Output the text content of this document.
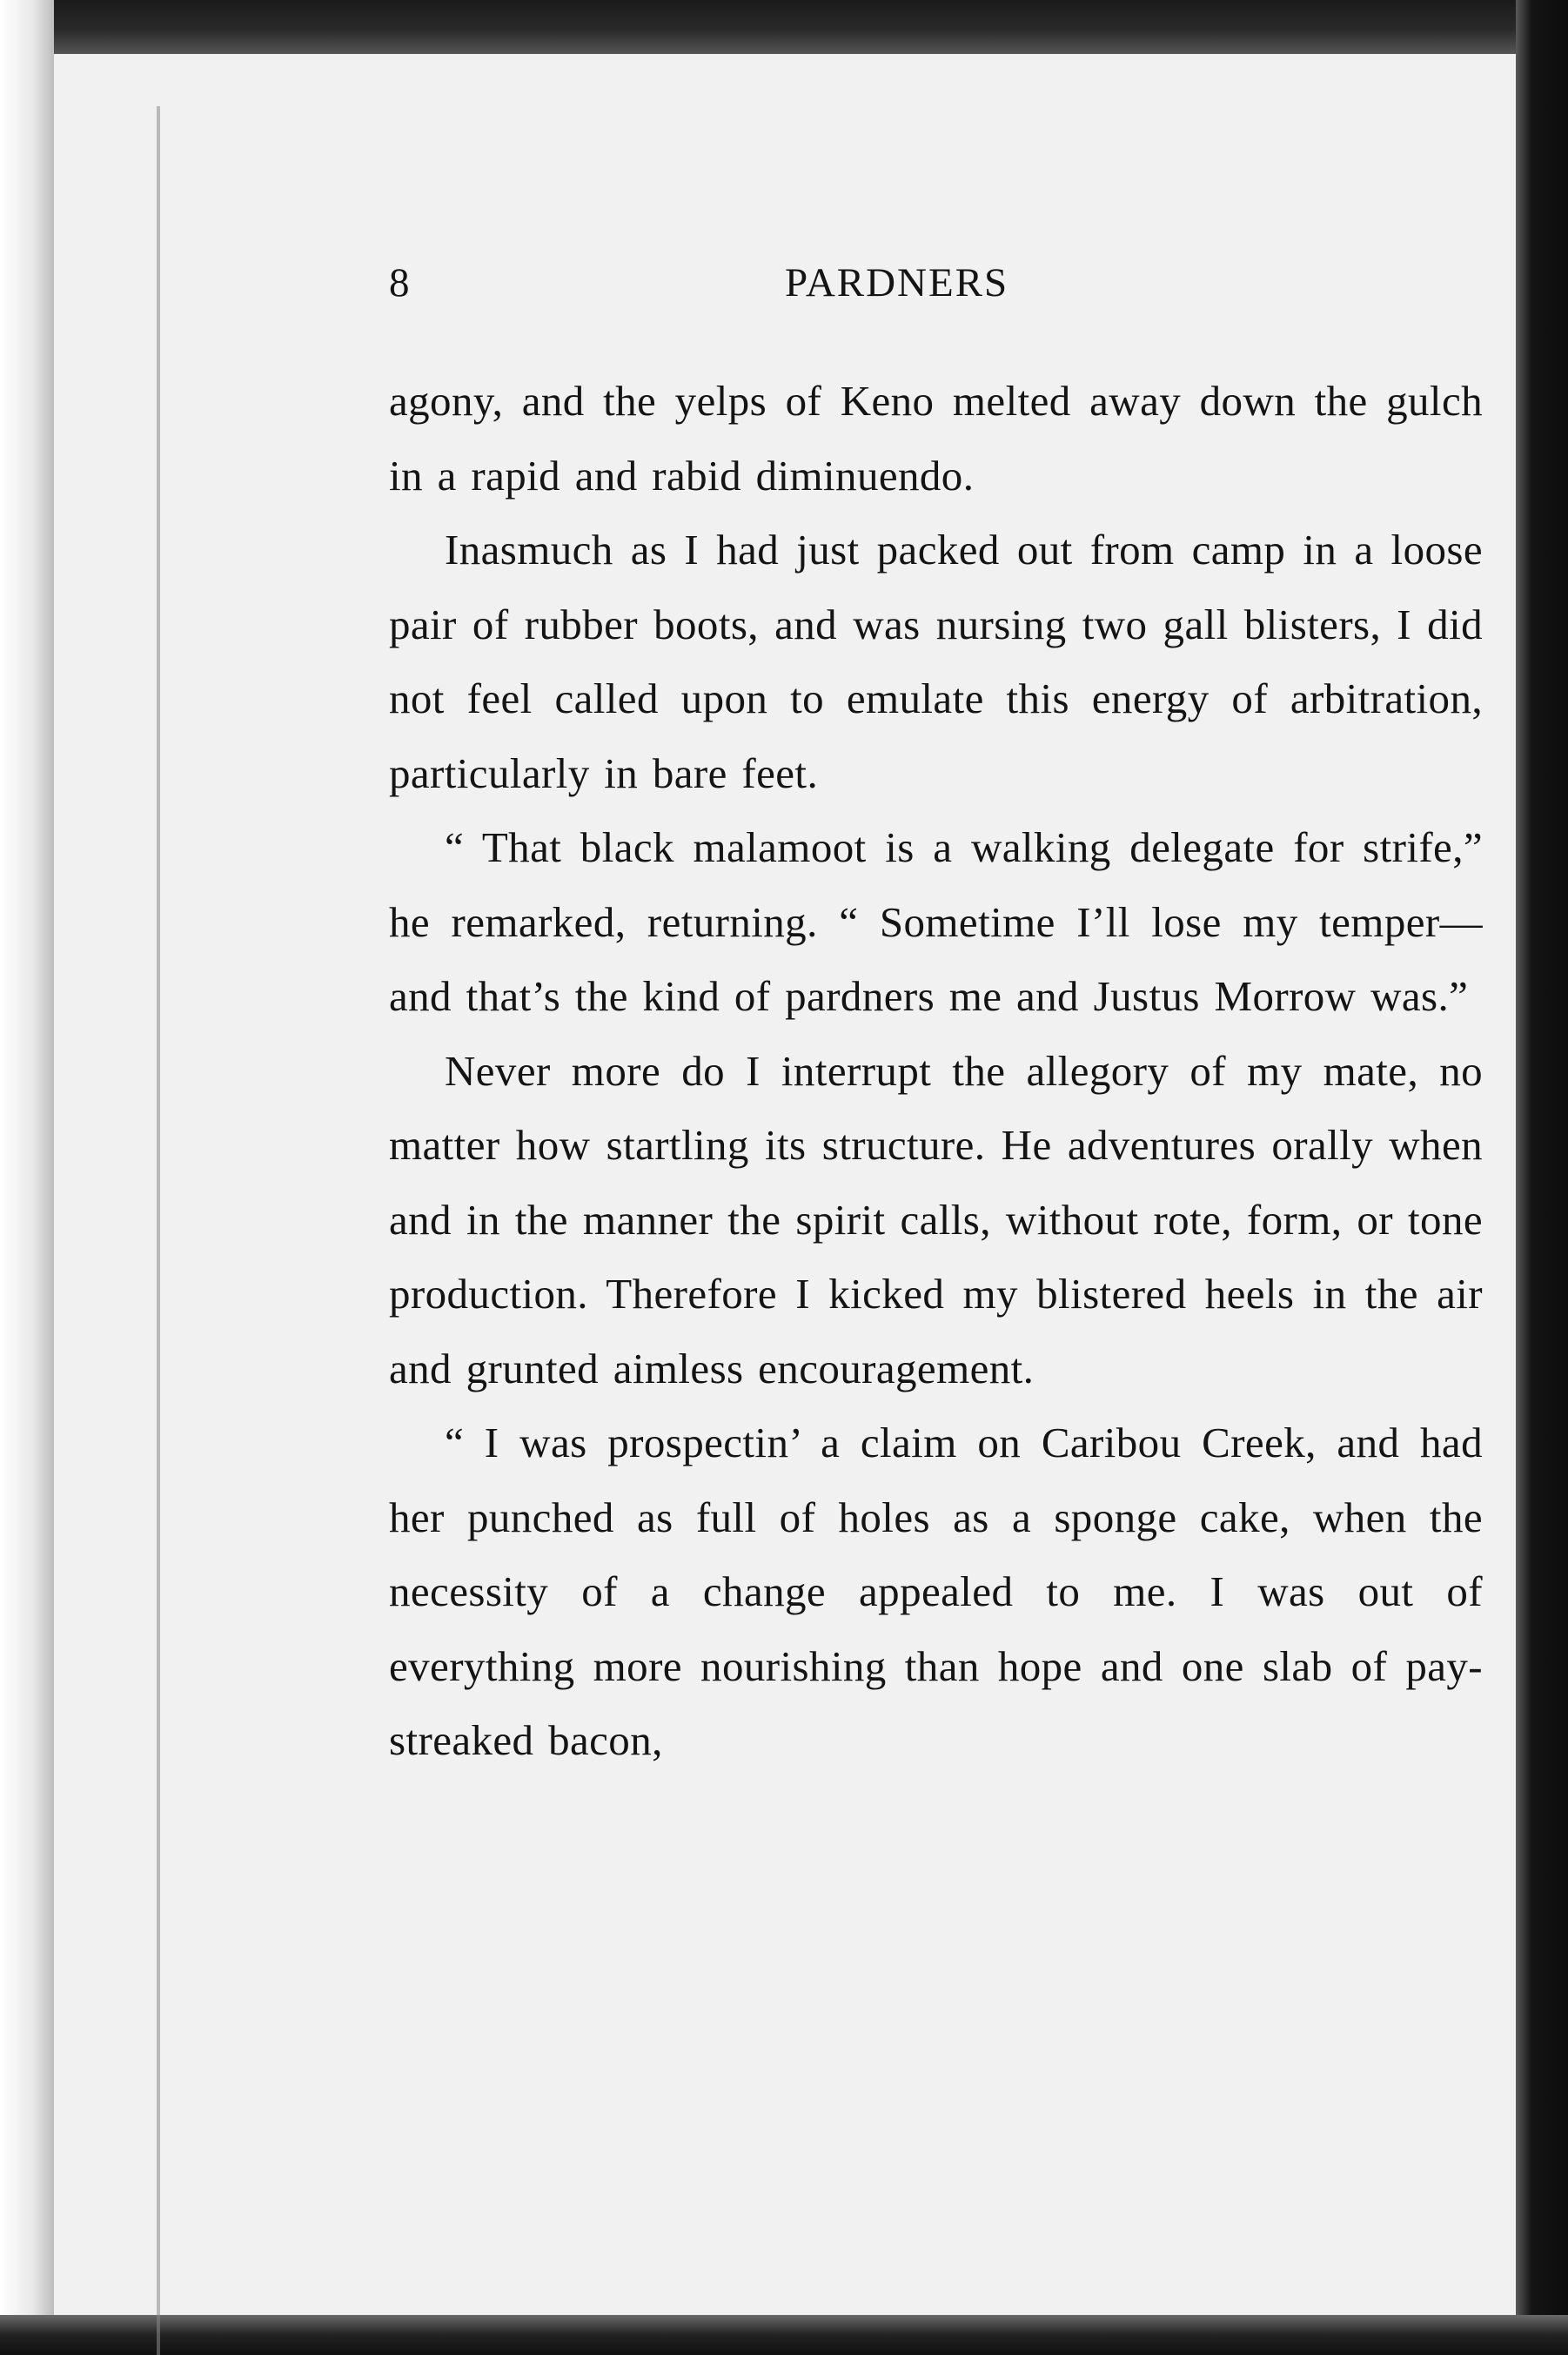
8	PARDNERS

agony, and the yelps of Keno melted away down the gulch in a rapid and rabid diminuendo.

Inasmuch as I had just packed out from camp in a loose pair of rubber boots, and was nursing two gall blisters, I did not feel called upon to emulate this energy of arbitration, particularly in bare feet.

“ That black malamoot is a walking delegate for strife,” he remarked, returning. “ Sometime I’ll lose my temper—and that’s the kind of pardners me and Justus Morrow was.”

Never more do I interrupt the allegory of my mate, no matter how startling its structure. He adventures orally when and in the manner the spirit calls, without rote, form, or tone production. Therefore I kicked my blistered heels in the air and grunted aimless encouragement.

“ I was prospectin’ a claim on Caribou Creek, and had her punched as full of holes as a sponge cake, when the necessity of a change appealed to me. I was out of everything more nourishing than hope and one slab of pay-streaked bacon,
